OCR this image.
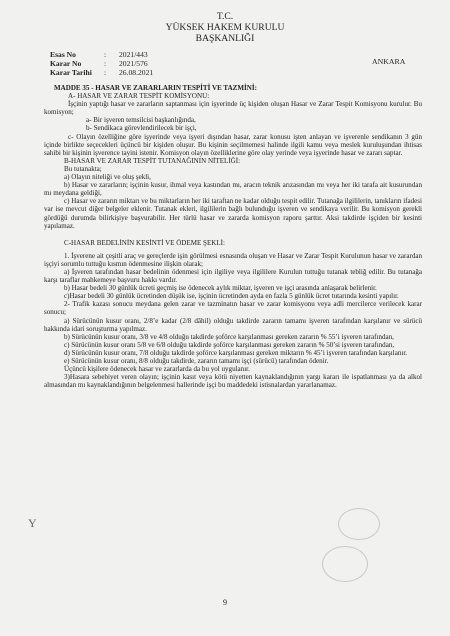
T.C.
YÜKSEK HAKEM KURULU
BAŞKANLIĞI
Esas No	: 2021/443
Karar No	: 2021/576
Karar Tarihi : 26.08.2021
ANKARA

MADDE 35 - HASAR VE ZARARLARIN TESPİTİ VE TAZMİNİ:

A- HASAR VE ZARAR TESPİT KOMİSYONU:

İşçinin yaptığı hasar ve zararların saptanması için işyerinde üç kişiden oluşan Hasar ve Zarar Tespit Komisyonu kurulur. Bu komisyon;

a- Bir işveren temsilcisi başkanlığında,

b- Sendikaca görevlendirilecek bir işçi,

c- Olayın özelliğine göre işyerinde veya işyeri dışından hasar, zarar konusu işten anlayan ve işverenle sendikanın 3 gün içinde birlikte seçecekleri üçüncü bir kişiden oluşur. Bu kişinin seçilmemesi halinde ilgili kamu veya meslek kuruluşundan ihtisas sahibi bir kişinin işverence tayini istenir. Komisyon olayın özelliklerine göre olay yerinde veya işyerinde hasar ve zararı saptar.

B-HASAR VE ZARAR TESPİT TUTANAĞININ NİTELİĞİ:

Bu tutanakta;

a) Olayın niteliği ve oluş şekli,

b) Hasar ve zararların; işçinin kusur, ihmal veya kastından mı, aracın teknik arızasından mı veya her iki tarafa ait kusurundan mı meydana geldiği,

c) Hasar ve zararın miktarı ve bu miktarların her iki taraftan ne kadar olduğu tespit edilir. Tutanağa ilgililerin, tanıkların ifadesi var ise mevcut diğer belgeler eklenir. Tutanak ekleri, ilgililerin bağlı bulunduğu işveren ve sendikaya verilir. Bu komisyon gerekli gördüğü durumda bilirkişiye başvurabilir. Her türlü hasar ve zararda komisyon raporu şarttır. Aksi takdirde işçiden bir kesinti yapılamaz.

C-HASAR BEDELİNİN KESİNTİ VE ÖDEME ŞEKLİ:

1. İşverene ait çeşitli araç ve gereçlerde işin görülmesi esnasında oluşan ve Hasar ve Zarar Tespit Kurulunun hasar ve zarardan işçiyi sorumlu tuttuğu kısmın ödenmesine ilişkin olarak;

a) İşveren tarafından hasar bedelinin ödenmesi için ilgiliye veya ilgililere Kurulun tuttuğu tutanak tebliğ edilir. Bu tutanağa karşı taraflar mahkemeye başvuru hakkı vardır.

b) Hasar bedeli 30 günlük ücreti geçmiş ise ödenecek aylık miktar, işveren ve işçi arasında anlaşarak belirlenir.

c)Hasar bedeli 30 günlük ücretinden düşük ise, işçinin ücretinden ayda en fazla 5 günlük ücret tutarında kesinti yapılır.

2- Trafik kazası sonucu meydana gelen zarar ve tazminatın hasar ve zarar komisyonu veya adli mercilerce verilecek karar sonucu;

a) Sürücünün kusur oranı, 2/8’e kadar (2/8 dâhil) olduğu takdirde zararın tamamı işveren tarafından karşılanır ve sürücü hakkında idari soruşturma yapılmaz.

b) Sürücünün kusur oranı, 3/8 ve 4/8 olduğu takdirde şoförce karşılanması gereken zararın % 55’i işveren tarafından,

c) Sürücünün kusur oranı 5/8 ve 6/8 olduğu takdirde şoförce karşılanması gereken zararın % 50’si işveren tarafından,

d) Sürücünün kusur oranı, 7/8 olduğu takdirde şoförce karşılanması gereken miktarın % 45’i işveren tarafından karşılanır.

e) Sürücünün kusur oranı, 8/8 olduğu takdirde, zararın tamamı işçi (sürücü) tarafından ödenir.

Üçüncü kişilere ödenecek hasar ve zararlarda da bu yol uygulanır.

3)Hasara sebebiyet veren olayın; işçinin kasıt veya kötü niyetten kaynaklandığının yargı kararı ile ispatlanması ya da alkol almasından mı kaynaklandığının belgelenmesi hallerinde işçi bu maddedeki istisnalardan yararlanamaz.

Y
9
